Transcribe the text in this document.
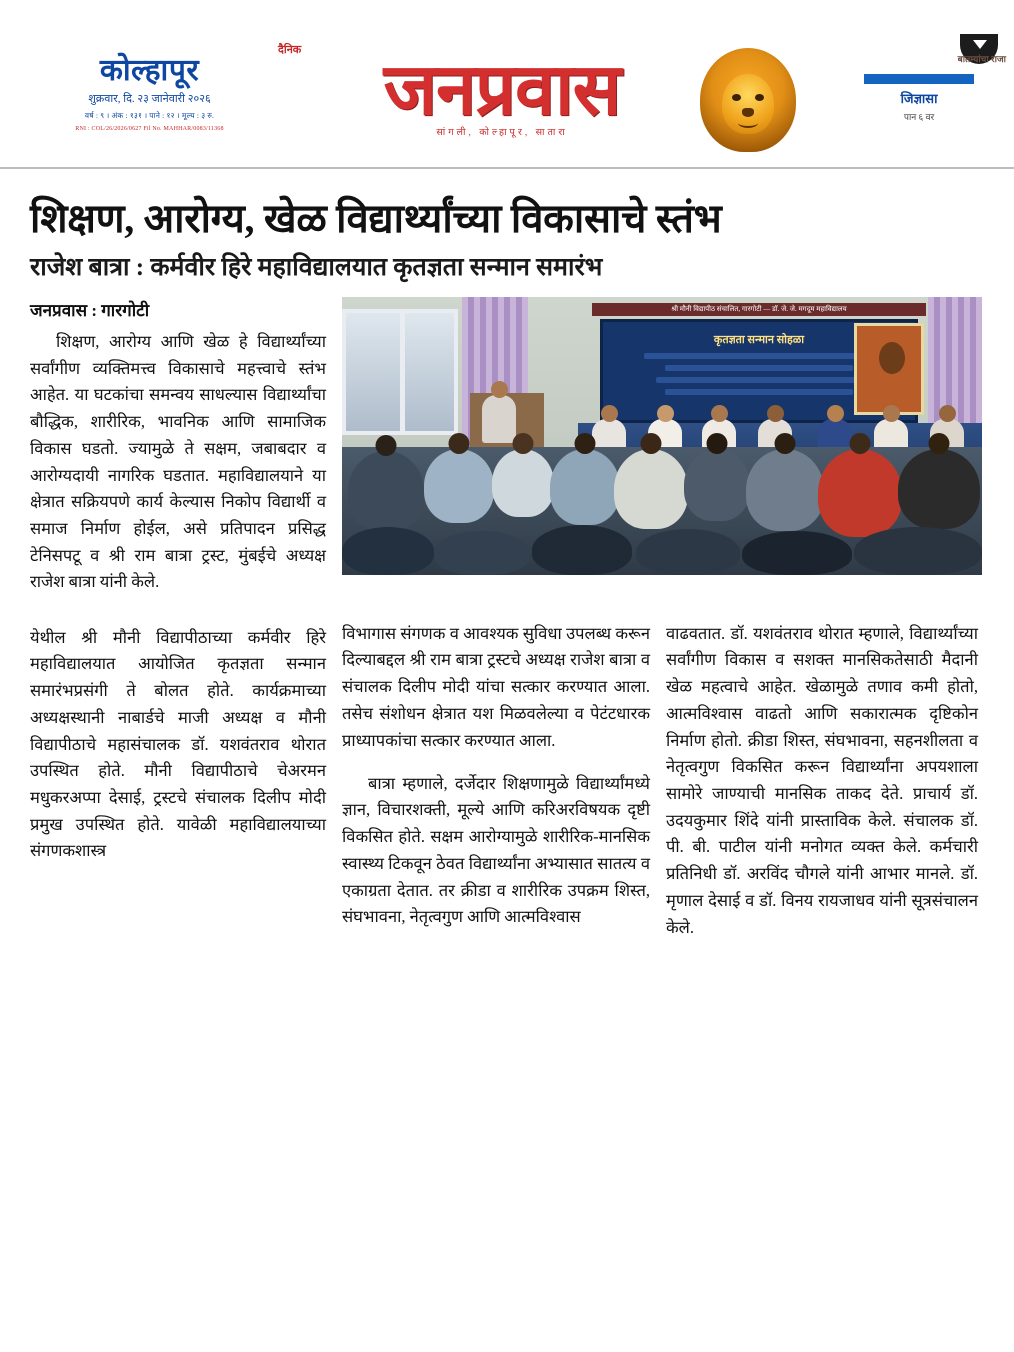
कोल्हापूर
शुक्रवार, दि. २३ जानेवारी २०२६
वर्ष : ९ । अंक : १३१ । पाने : १२ । मूल्य : ३ रु.
RNI : COL/26/2026/0627 Fil No. MAHHAR/0083/11368
दैनिक	जनप्रवास
सांगली, कोल्हापूर, सातारा
बातम्यांचा राजा
जिज्ञासा
पान ६ वर
शिक्षण, आरोग्य, खेळ विद्यार्थ्यांच्या विकासाचे स्तंभ
राजेश बात्रा : कर्मवीर हिरे महाविद्यालयात कृतज्ञता सन्मान समारंभ
जनप्रवास : गारगोटी

शिक्षण, आरोग्य आणि खेळ हे विद्यार्थ्यांच्या सर्वांगीण व्यक्तिमत्त्व विकासाचे महत्त्वाचे स्तंभ आहेत. या घटकांचा समन्वय साधल्यास विद्यार्थ्यांचा बौद्धिक, शारीरिक, भावनिक आणि सामाजिक विकास घडतो. ज्यामुळे ते सक्षम, जबाबदार व आरोग्यदायी नागरिक घडतात. महाविद्यालयाने या क्षेत्रात सक्रियपणे कार्य केल्यास निकोप विद्यार्थी व समाज निर्माण होईल, असे प्रतिपादन प्रसिद्ध टेनिसपटू व श्री राम बात्रा ट्रस्ट, मुंबईचे अध्यक्ष राजेश बात्रा यांनी केले.

श्री मौनी विद्यापीठ संचालित, गारगोटी — डॉ. जे. जे. मगदूम महाविद्यालय
कृतज्ञता सन्मान सोहळा

येथील श्री मौनी विद्यापीठाच्या कर्मवीर हिरे महाविद्यालयात आयोजित कृतज्ञता सन्मान समारंभप्रसंगी ते बोलत होते. कार्यक्रमाच्या अध्यक्षस्थानी नाबार्डचे माजी अध्यक्ष व मौनी विद्यापीठाचे महासंचालक डॉ. यशवंतराव थोरात उपस्थित होते. मौनी विद्यापीठाचे चेअरमन मधुकरअप्पा देसाई, ट्रस्टचे संचालक दिलीप मोदी प्रमुख उपस्थित होते. यावेळी महाविद्यालयाच्या संगणकशास्त्र

विभागास संगणक व आवश्यक सुविधा उपलब्ध करून दिल्याबद्दल श्री राम बात्रा ट्रस्टचे अध्यक्ष राजेश बात्रा व संचालक दिलीप मोदी यांचा सत्कार करण्यात आला. तसेच संशोधन क्षेत्रात यश मिळवलेल्या व पेटंटधारक प्राध्यापकांचा सत्कार करण्यात आला.

बात्रा म्हणाले, दर्जेदार शिक्षणामुळे विद्यार्थ्यांमध्ये ज्ञान, विचारशक्ती, मूल्ये आणि करिअरविषयक दृष्टी विकसित होते. सक्षम आरोग्यामुळे शारीरिक-मानसिक स्वास्थ्य टिकवून ठेवत विद्यार्थ्यांना अभ्यासात सातत्य व एकाग्रता देतात. तर क्रीडा व शारीरिक उपक्रम शिस्त, संघभावना, नेतृत्वगुण आणि आत्मविश्वास

वाढवतात. डॉ. यशवंतराव थोरात म्हणाले, विद्यार्थ्यांच्या सर्वांगीण विकास व सशक्त मानसिकतेसाठी मैदानी खेळ महत्वाचे आहेत. खेळामुळे तणाव कमी होतो, आत्मविश्वास वाढतो आणि सकारात्मक दृष्टिकोन निर्माण होतो. क्रीडा शिस्त, संघभावना, सहनशीलता व नेतृत्वगुण विकसित करून विद्यार्थ्यांना अपयशाला सामोरे जाण्याची मानसिक ताकद देते. प्राचार्य डॉ. उदयकुमार शिंदे यांनी प्रास्ताविक केले. संचालक डॉ. पी. बी. पाटील यांनी मनोगत व्यक्त केले. कर्मचारी प्रतिनिधी डॉ. अरविंद चौगले यांनी आभार मानले. डॉ. मृणाल देसाई व डॉ. विनय रायजाधव यांनी सूत्रसंचालन केले.
